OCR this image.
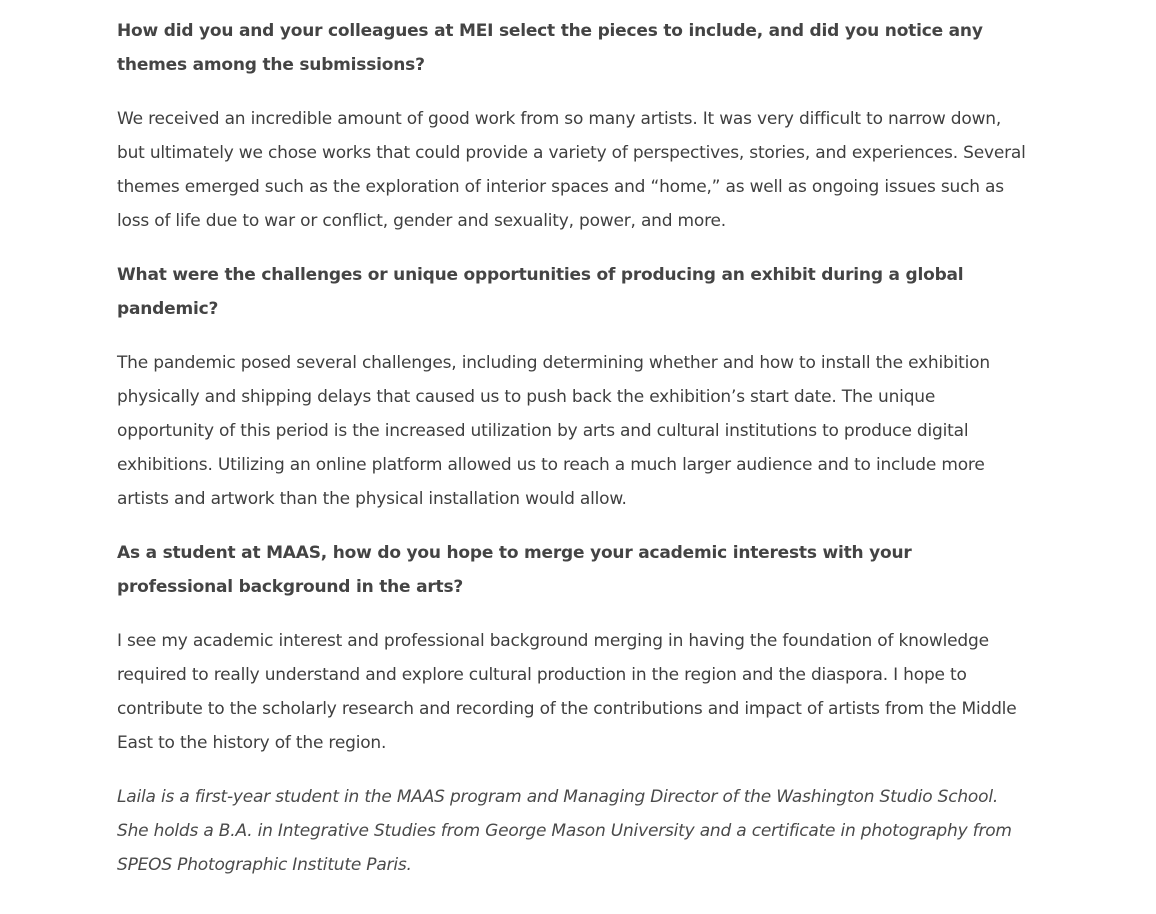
How did you and your colleagues at MEI select the pieces to include, and did you notice any themes among the submissions?

We received an incredible amount of good work from so many artists. It was very difficult to narrow down, but ultimately we chose works that could provide a variety of perspectives, stories, and experiences. Several themes emerged such as the exploration of interior spaces and “home,” as well as ongoing issues such as loss of life due to war or conflict, gender and sexuality, power, and more.

What were the challenges or unique opportunities of producing an exhibit during a global pandemic?

The pandemic posed several challenges, including determining whether and how to install the exhibition physically and shipping delays that caused us to push back the exhibition’s start date. The unique opportunity of this period is the increased utilization by arts and cultural institutions to produce digital exhibitions. Utilizing an online platform allowed us to reach a much larger audience and to include more artists and artwork than the physical installation would allow.

As a student at MAAS, how do you hope to merge your academic interests with your professional background in the arts?

I see my academic interest and professional background merging in having the foundation of knowledge required to really understand and explore cultural production in the region and the diaspora. I hope to contribute to the scholarly research and recording of the contributions and impact of artists from the Middle East to the history of the region.

Laila is a first-year student in the MAAS program and Managing Director of the Washington Studio School. She holds a B.A. in Integrative Studies from George Mason University and a certificate in photography from SPEOS Photographic Institute Paris.
